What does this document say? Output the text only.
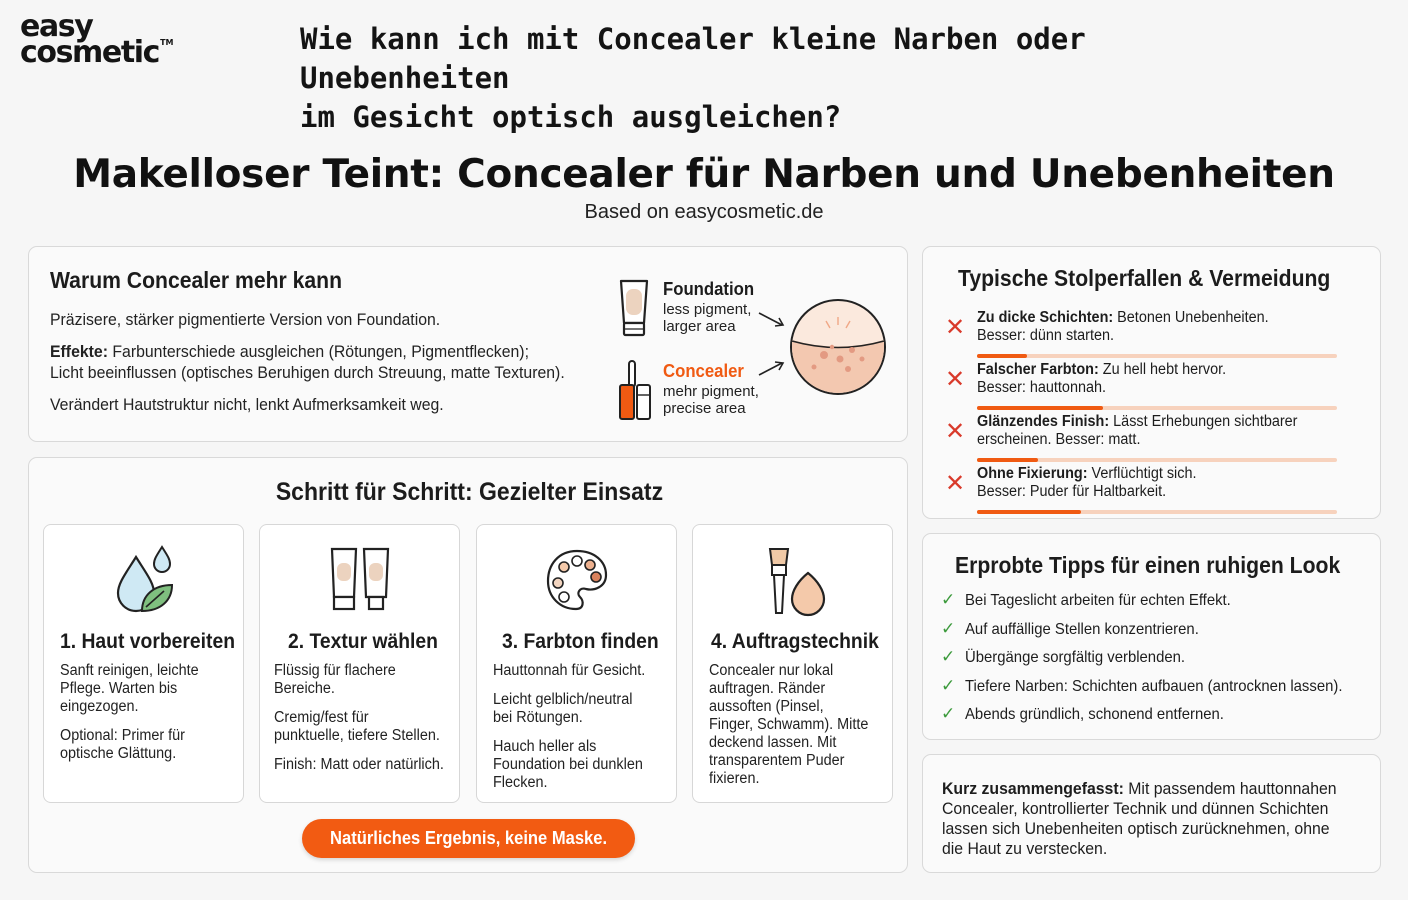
easy
cosmetic™	Wie kann ich mit Concealer kleine Narben oder Unebenheiten
im Gesicht optisch ausgleichen?
Makelloser Teint: Concealer für Narben und Unebenheiten
Based on easycosmetic.de
Warum Concealer mehr kann
Präzisere, stärker pigmentierte Version von Foundation.
Effekte: Farbunterschiede ausgleichen (Rötungen, Pigmentflecken);
Licht beeinflussen (optisches Beruhigen durch Streuung, matte Texturen).
Verändert Hautstruktur nicht, lenkt Aufmerksamkeit weg.
Foundation
less pigment,
larger area
Concealer
mehr pigment,
precise area
Schritt für Schritt: Gezielter Einsatz
1. Haut vorbereiten

Sanft reinigen, leichte
Pflege. Warten bis
eingezogen.

Optional: Primer für
optische Glättung.

2. Textur wählen

Flüssig für flachere
Bereiche.

Cremig/fest für
punktuelle, tiefere Stellen.

Finish: Matt oder natürlich.

3. Farbton finden

Hauttonnah für Gesicht.

Leicht gelblich/neutral
bei Rötungen.

Hauch heller als
Foundation bei dunklen
Flecken.

4. Auftragstechnik

Concealer nur lokal
auftragen. Ränder
aussoften (Pinsel,
Finger, Schwamm). Mitte
deckend lassen. Mit
transparentem Puder
fixieren.

Natürliches Ergebnis, keine Maske.
Typische Stolperfallen & Vermeidung
✕ Zu dicke Schichten: Betonen Unebenheiten.
Besser: dünn starten.
✕ Falscher Farbton: Zu hell hebt hervor.
Besser: hauttonnah.
✕ Glänzendes Finish: Lässt Erhebungen sichtbarer
erscheinen. Besser: matt.
✕ Ohne Fixierung: Verflüchtigt sich.
Besser: Puder für Haltbarkeit.
Erprobte Tipps für einen ruhigen Look
✓ Bei Tageslicht arbeiten für echten Effekt.
✓ Auf auffällige Stellen konzentrieren.
✓ Übergänge sorgfältig verblenden.
✓ Tiefere Narben: Schichten aufbauen (antrocknen lassen).
✓ Abends gründlich, schonend entfernen.
Kurz zusammengefasst: Mit passendem hauttonnahen
Concealer, kontrollierter Technik und dünnen Schichten
lassen sich Unebenheiten optisch zurücknehmen, ohne
die Haut zu verstecken.
